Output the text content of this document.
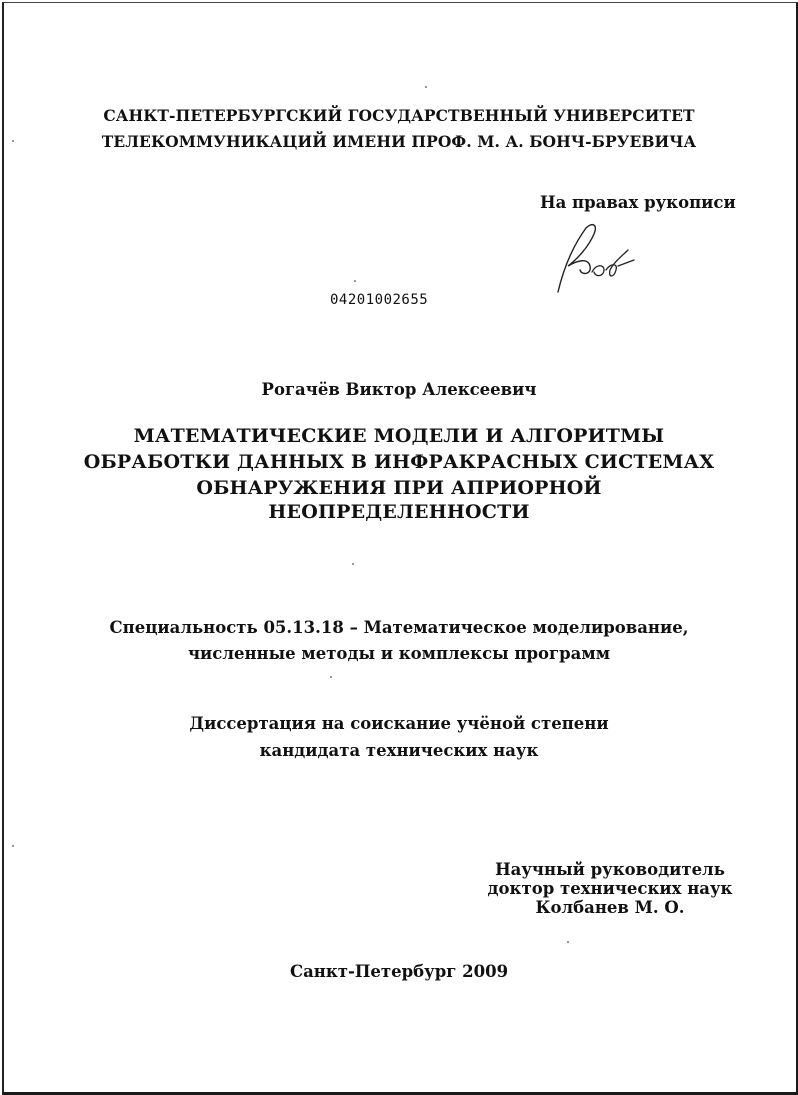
САНКТ-ПЕТЕРБУРГСКИЙ ГОСУДАРСТВЕННЫЙ УНИВЕРСИТЕТ
ТЕЛЕКОММУНИКАЦИЙ ИМЕНИ ПРОФ. М. А. БОНЧ-БРУЕВИЧА
На правах рукописи
04201002655
Рогачёв Виктор Алексеевич
МАТЕМАТИЧЕСКИЕ МОДЕЛИ И АЛГОРИТМЫ
ОБРАБОТКИ ДАННЫХ В ИНФРАКРАСНЫХ СИСТЕМАХ
ОБНАРУЖЕНИЯ ПРИ АПРИОРНОЙ
НЕОПРЕДЕЛЕННОСТИ
Специальность 05.13.18 – Математическое моделирование,
численные методы и комплексы программ
Диссертация на соискание учёной степени
кандидата технических наук
Научный руководитель
доктор технических наук
Колбанев М. О.
Санкт-Петербург 2009
